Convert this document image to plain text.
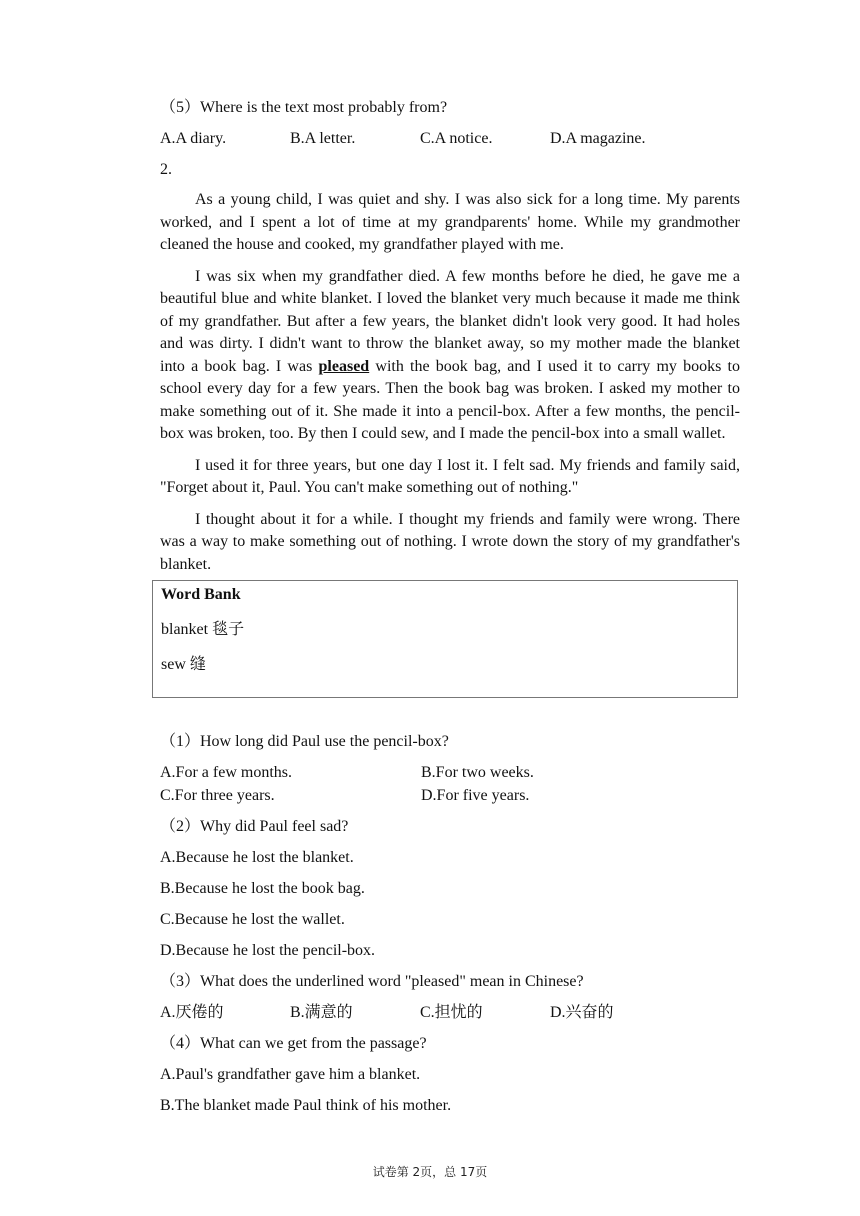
（5）Where is the text most probably from?

A.A diary.	B.A letter.	C.A notice.	D.A magazine.

2.

As a young child, I was quiet and shy. I was also sick for a long time. My parents worked, and I spent a lot of time at my grandparents' home. While my grandmother cleaned the house and cooked, my grandfather played with me.

I was six when my grandfather died. A few months before he died, he gave me a beautiful blue and white blanket. I loved the blanket very much because it made me think of my grandfather. But after a few years, the blanket didn't look very good. It had holes and was dirty. I didn't want to throw the blanket away, so my mother made the blanket into a book bag. I was pleased with the book bag, and I used it to carry my books to school every day for a few years. Then the book bag was broken. I asked my mother to make something out of it. She made it into a pencil-box. After a few months, the pencil-box was broken, too. By then I could sew, and I made the pencil-box into a small wallet.

I used it for three years, but one day I lost it. I felt sad. My friends and family said, "Forget about it, Paul. You can't make something out of nothing."

I thought about it for a while. I thought my friends and family were wrong. There was a way to make something out of nothing. I wrote down the story of my grandfather's blanket.

Word Bank

blanket 毯子

sew 缝

（1）How long did Paul use the pencil-box?

A.For a few months.	B.For two weeks.
C.For three years.	D.For five years.

（2）Why did Paul feel sad?

A.Because he lost the blanket.

B.Because he lost the book bag.

C.Because he lost the wallet.

D.Because he lost the pencil-box.

（3）What does the underlined word "pleased" mean in Chinese?

A.厌倦的	B.满意的	C.担忧的	D.兴奋的

（4）What can we get from the passage?

A.Paul's grandfather gave him a blanket.

B.The blanket made Paul think of his mother.

试卷第 2页，总 17页
